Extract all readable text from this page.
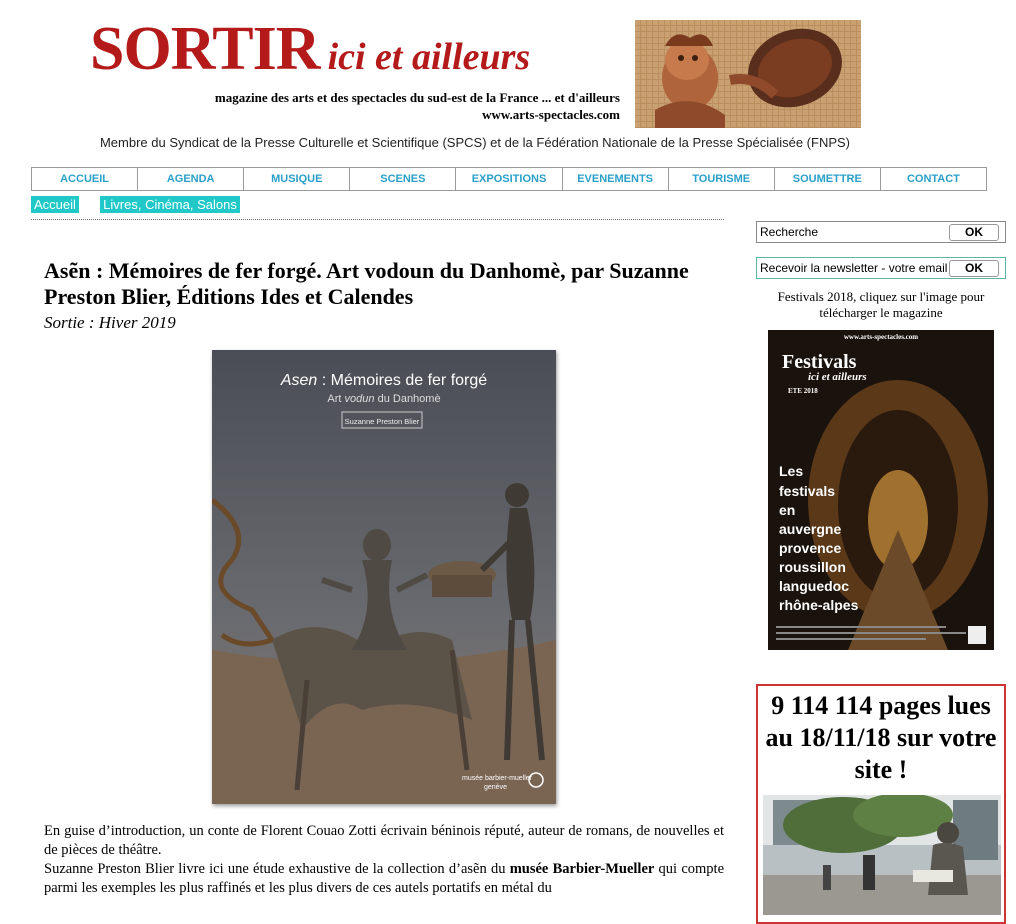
SORTIR ici et ailleurs
magazine des arts et des spectacles du sud-est de la France ... et d'ailleurs
www.arts-spectacles.com
Membre du Syndicat de la Presse Culturelle et Scientifique (SPCS) et de la Fédération Nationale de la Presse Spécialisée (FNPS)
ACCUEIL	AGENDA	MUSIQUE	SCENES	EXPOSITIONS	EVENEMENTS	TOURISME	SOUMETTRE	CONTACT
Accueil Livres, Cinéma, Salons
Asẽn : Mémoires de fer forgé. Art vodoun du Danhomè, par Suzanne Preston Blier, Éditions Ides et Calendes
Sortie : Hiver 2019
Asen : Mémoires de fer forgé
Art vodun du Danhomè
Suzanne Preston Blier
musée barbier-mueller
genève
En guise d’introduction, un conte de Florent Couao Zotti écrivain béninois réputé, auteur de romans, de nouvelles et de pièces de théâtre.
Suzanne Preston Blier livre ici une étude exhaustive de la collection d’asẽn du musée Barbier-Mueller qui compte parmi les exemples les plus raffinés et les plus divers de ces autels portatifs en métal du
Recherche	OK
Recevoir la newsletter - votre email	OK
Festivals 2018, cliquez sur l'image pour télécharger le magazine
www.arts-spectacles.com
Festivals
ici et ailleurs
ETE 2018
Les
festivals
en
auvergne
provence
roussillon
languedoc
rhône-alpes
9 114 114 pages lues au 18/11/18 sur votre site !
